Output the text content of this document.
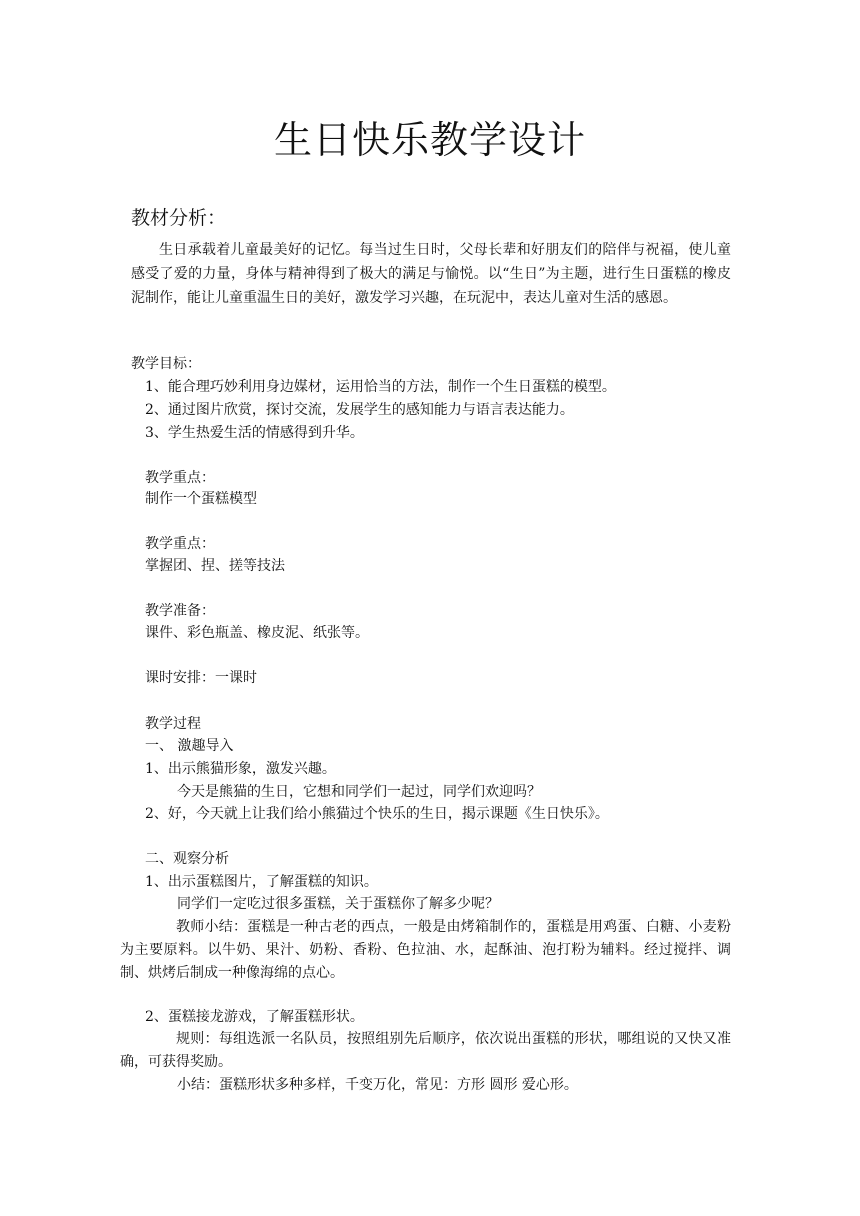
生日快乐教学设计
教材分析：

生日承载着儿童最美好的记忆。每当过生日时，父母长辈和好朋友们的陪伴与祝福，使儿童感受了爱的力量，身体与精神得到了极大的满足与愉悦。以“生日”为主题，进行生日蛋糕的橡皮泥制作，能让儿童重温生日的美好，激发学习兴趣，在玩泥中，表达儿童对生活的感恩。

教学目标：
1、能合理巧妙利用身边媒材，运用恰当的方法，制作一个生日蛋糕的模型。
2、通过图片欣赏，探讨交流，发展学生的感知能力与语言表达能力。
3、学生热爱生活的情感得到升华。
教学重点：
制作一个蛋糕模型
教学重点：
掌握团、捏、搓等技法
教学准备：
课件、彩色瓶盖、橡皮泥、纸张等。
课时安排：一课时
教学过程
一、 激趣导入
1、出示熊猫形象，激发兴趣。
今天是熊猫的生日，它想和同学们一起过，同学们欢迎吗？
2、好，今天就上让我们给小熊猫过个快乐的生日，揭示课题《生日快乐》。
二、观察分析
1、出示蛋糕图片，了解蛋糕的知识。
同学们一定吃过很多蛋糕，关于蛋糕你了解多少呢？

教师小结：蛋糕是一种古老的西点，一般是由烤箱制作的，蛋糕是用鸡蛋、白糖、小麦粉为主要原料。以牛奶、果汁、奶粉、香粉、色拉油、水，起酥油、泡打粉为辅料。经过搅拌、调制、烘烤后制成一种像海绵的点心。

2、蛋糕接龙游戏，了解蛋糕形状。

规则：每组选派一名队员，按照组别先后顺序，依次说出蛋糕的形状，哪组说的又快又准确，可获得奖励。

小结：蛋糕形状多种多样，千变万化，常见：方形 圆形 爱心形。
